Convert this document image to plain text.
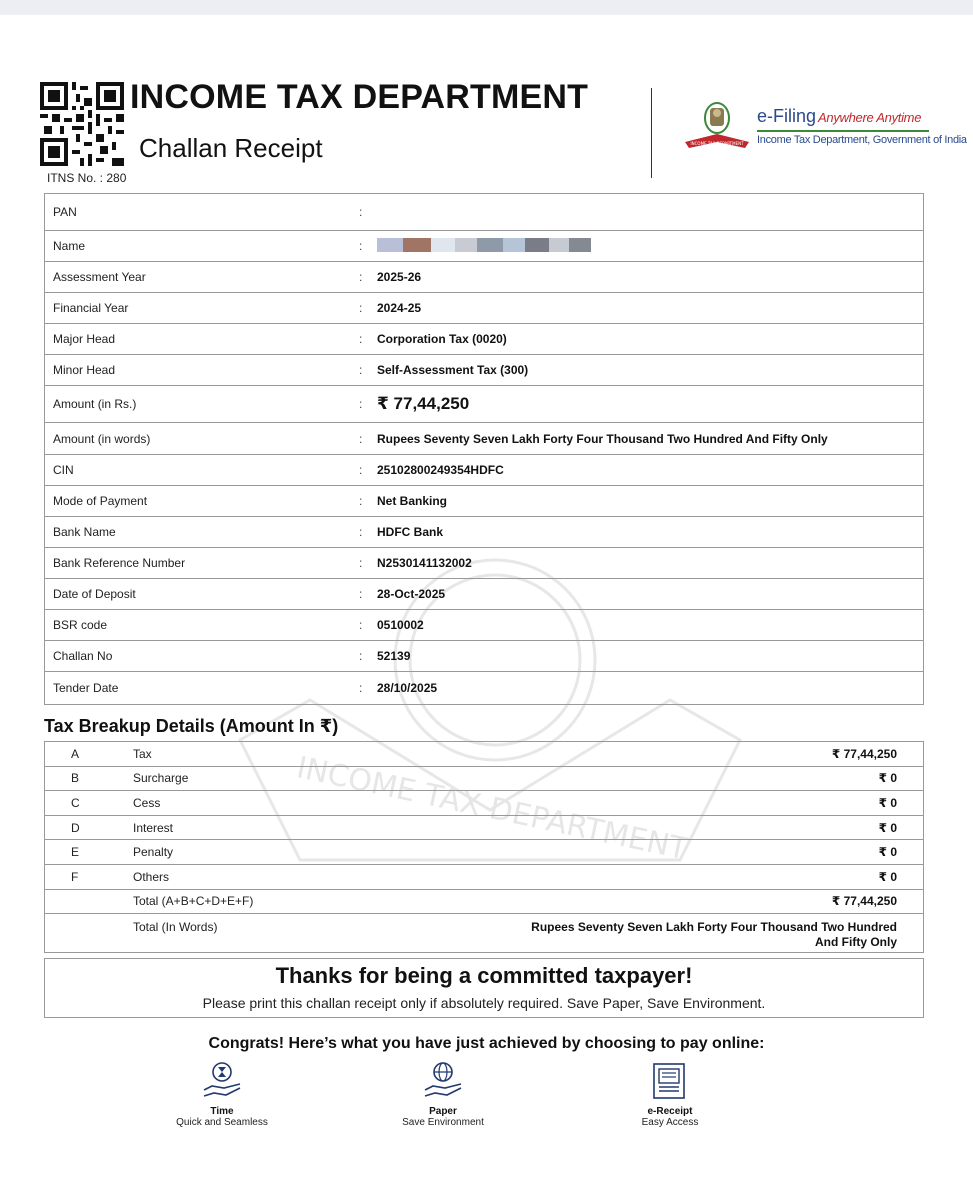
INCOME TAX DEPARTMENT
Challan Receipt
ITNS No. : 280
INCOME TAX DEPARTMENT
e-Filing Anywhere Anytime
Income Tax Department, Government of India
INCOME TAX DEPARTMENT
PAN	:
Name	:
Assessment Year	:	2025-26
Financial Year	:	2024-25
Major Head	:	Corporation Tax (0020)
Minor Head	:	Self-Assessment Tax (300)
Amount (in Rs.)	: ₹ 77,44,250
Amount (in words)	:	Rupees Seventy Seven Lakh Forty Four Thousand Two Hundred And Fifty Only
CIN	:	25102800249354HDFC
Mode of Payment	:	Net Banking
Bank Name	:	HDFC Bank
Bank Reference Number	:	N2530141132002
Date of Deposit	:	28-Oct-2025
BSR code	:	0510002
Challan No	:	52139
Tender Date	:	28/10/2025
Tax Breakup Details (Amount In ₹)
A	Tax	₹ 77,44,250
B	Surcharge	₹ 0
C	Cess	₹ 0
D	Interest	₹ 0
E	Penalty	₹ 0
F	Others	₹ 0
Total (A+B+C+D+E+F)	₹ 77,44,250
Total (In Words)	Rupees Seventy Seven Lakh Forty Four Thousand Two Hundred And Fifty Only
Thanks for being a committed taxpayer!

Please print this challan receipt only if absolutely required. Save Paper, Save Environment.

Congrats! Here’s what you have just achieved by choosing to pay online:
Time
Quick and Seamless
Paper
Save Environment
e-Receipt
Easy Access
